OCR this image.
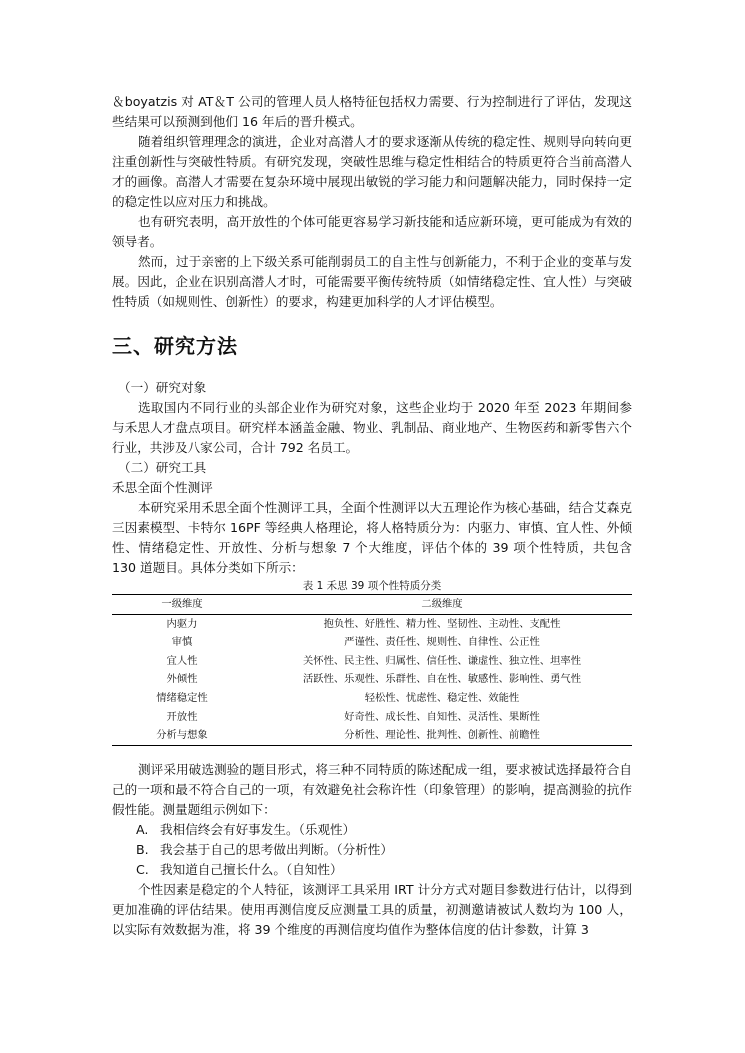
＆boyatzis 对 AT＆T 公司的管理人员人格特征包括权力需要、行为控制进行了评估，发现这些结果可以预测到他们 16 年后的晋升模式。

随着组织管理理念的演进，企业对高潜人才的要求逐渐从传统的稳定性、规则导向转向更注重创新性与突破性特质。有研究发现，突破性思维与稳定性相结合的特质更符合当前高潜人才的画像。高潜人才需要在复杂环境中展现出敏锐的学习能力和问题解决能力，同时保持一定的稳定性以应对压力和挑战。

也有研究表明，高开放性的个体可能更容易学习新技能和适应新环境，更可能成为有效的领导者。

然而，过于亲密的上下级关系可能削弱员工的自主性与创新能力，不利于企业的变革与发展。因此，企业在识别高潜人才时，可能需要平衡传统特质（如情绪稳定性、宜人性）与突破性特质（如规则性、创新性）的要求，构建更加科学的人才评估模型。

三、研究方法
（一）研究对象

选取国内不同行业的头部企业作为研究对象，这些企业均于 2020 年至 2023 年期间参与禾思人才盘点项目。研究样本涵盖金融、物业、乳制品、商业地产、生物医药和新零售六个行业，共涉及八家公司，合计 792 名员工。

（二）研究工具
禾思全面个性测评

本研究采用禾思全面个性测评工具，全面个性测评以大五理论作为核心基础，结合艾森克三因素模型、卡特尔 16PF 等经典人格理论，将人格特质分为：内驱力、审慎、宜人性、外倾性、情绪稳定性、开放性、分析与想象 7 个大维度，评估个体的 39 项个性特质，共包含 130 道题目。具体分类如下所示：

表 1 禾思 39 项个性特质分类
一级维度	二级维度
内驱力	抱负性、好胜性、精力性、坚韧性、主动性、支配性
审慎	严谨性、责任性、规则性、自律性、公正性
宜人性	关怀性、民主性、归属性、信任性、谦虚性、独立性、坦率性
外倾性	活跃性、乐观性、乐群性、自在性、敏感性、影响性、勇气性
情绪稳定性	轻松性、忧虑性、稳定性、效能性
开放性	好奇性、成长性、自知性、灵活性、果断性
分析与想象	分析性、理论性、批判性、创新性、前瞻性

测评采用破选测验的题目形式，将三种不同特质的陈述配成一组，要求被试选择最符合自己的一项和最不符合自己的一项，有效避免社会称许性（印象管理）的影响，提高测验的抗作假性能。测量题组示例如下：

A. 我相信终会有好事发生。（乐观性）
B. 我会基于自己的思考做出判断。（分析性）
C. 我知道自己擅长什么。（自知性）

个性因素是稳定的个人特征，该测评工具采用 IRT 计分方式对题目参数进行估计，以得到更加准确的评估结果。使用再测信度反应测量工具的质量，初测邀请被试人数均为 100 人，以实际有效数据为准，将 39 个维度的再测信度均值作为整体信度的估计参数，计算 3
